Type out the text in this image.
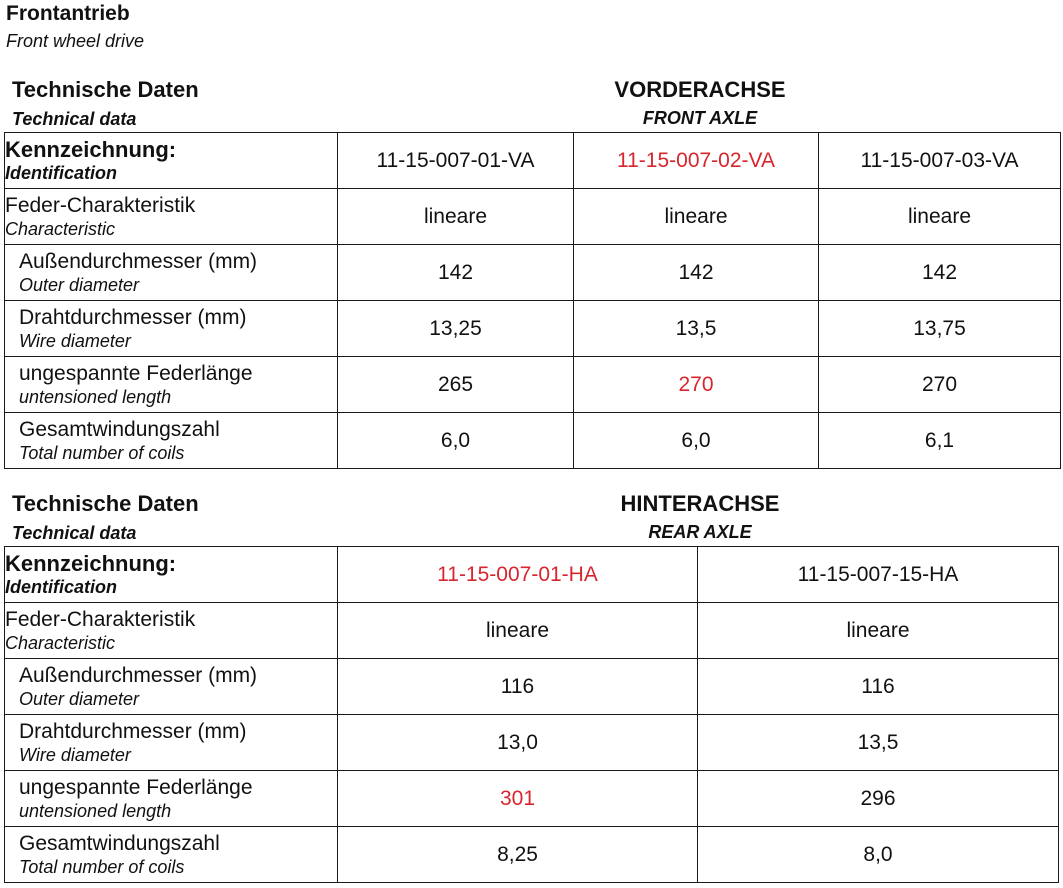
Frontantrieb
Front wheel drive
Technische Daten
Technical data
VORDERACHSE
FRONT AXLE
Kennzeichnung:
Identification	11-15-007-01-VA	11-15-007-02-VA	11-15-007-03-VA

Feder-Charakteristik
Characteristic	lineare	lineare	lineare

Außendurchmesser (mm)
Outer diameter	142	142	142

Drahtdurchmesser (mm)
Wire diameter	13,25	13,5	13,75

ungespannte Federlänge
untensioned length	265	270	270

Gesamtwindungszahl
Total number of coils	6,0	6,0	6,1
Technische Daten
Technical data
HINTERACHSE
REAR AXLE
Kennzeichnung:
Identification	11-15-007-01-HA	11-15-007-15-HA

Feder-Charakteristik
Characteristic	lineare	lineare

Außendurchmesser (mm)
Outer diameter	116	116

Drahtdurchmesser (mm)
Wire diameter	13,0	13,5

ungespannte Federlänge
untensioned length	301	296

Gesamtwindungszahl
Total number of coils	8,25	8,0
